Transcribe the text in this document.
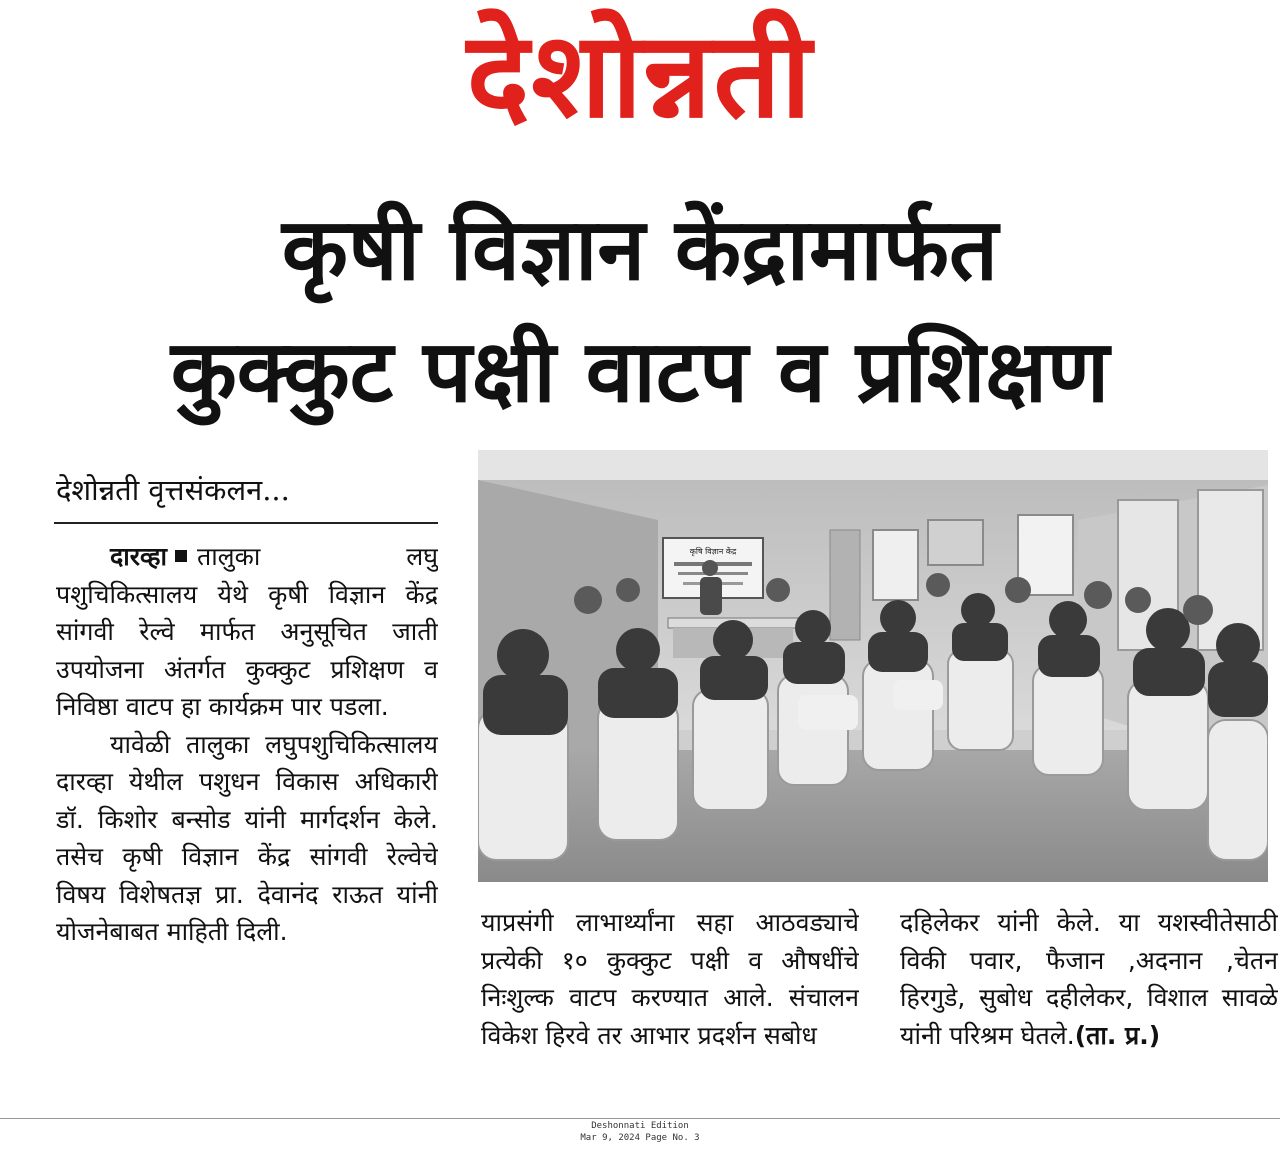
देशोन्नती
कृषी विज्ञान केंद्रामार्फत
कुक्कुट पक्षी वाटप व प्रशिक्षण
देशोन्नती वृत्तसंकलन...

दारव्हा तालुका लघु पशुचिकित्सालय येथे कृषी विज्ञान केंद्र सांगवी रेल्वे मार्फत अनुसूचित जाती उपयोजना अंतर्गत कुक्कुट प्रशिक्षण व निविष्ठा वाटप हा कार्यक्रम पार पडला.

यावेळी तालुका लघुपशुचिकित्सालय दारव्हा येथील पशुधन विकास अधिकारी डॉ. किशोर बन्सोड यांनी मार्गदर्शन केले. तसेच कृषी विज्ञान केंद्र सांगवी रेल्वेचे विषय विशेषतज्ञ प्रा. देवानंद राऊत यांनी योजनेबाबत माहिती दिली.

कृषि विज्ञान केंद्र

याप्रसंगी लाभार्थ्यांना सहा आठवड्याचे प्रत्येकी १० कुक्कुट पक्षी व औषधींचे निःशुल्क वाटप करण्यात आले. संचालन विकेश हिरवे तर आभार प्रदर्शन सबोध

दहिलेकर यांनी केले. या यशस्वीतेसाठी विकी पवार, फैजान ,अदनान ,चेतन हिरगुडे, सुबोध दहीलेकर, विशाल सावळे यांनी परिश्रम घेतले.(ता. प्र.)

Deshonnati Edition
Mar 9, 2024 Page No. 3
